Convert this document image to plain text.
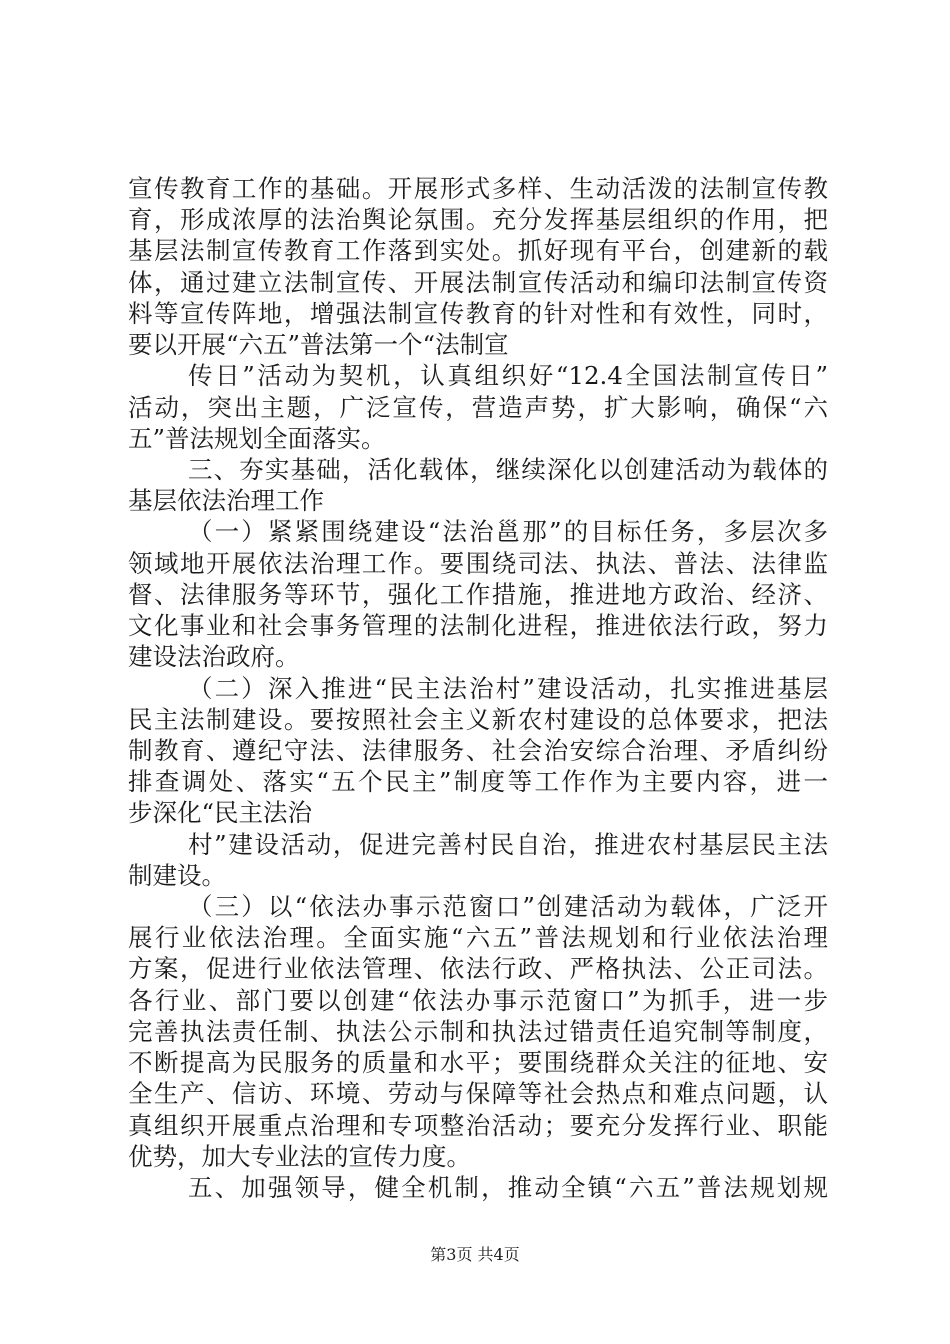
宣传教育工作的基础。开展形式多样、生动活泼的法制宣传教
育，形成浓厚的法治舆论氛围。充分发挥基层组织的作用，把
基层法制宣传教育工作落到实处。抓好现有平台，创建新的载
体，通过建立法制宣传、开展法制宣传活动和编印法制宣传资
料等宣传阵地，增强法制宣传教育的针对性和有效性，同时，
要以开展“六五”普法第一个“法制宣
传日”活动为契机，认真组织好“12.4全国法制宣传日”
活动，突出主题，广泛宣传，营造声势，扩大影响，确保“六
五”普法规划全面落实。
三、夯实基础，活化载体，继续深化以创建活动为载体的
基层依法治理工作
（一）紧紧围绕建设“法治邕那”的目标任务，多层次多
领域地开展依法治理工作。要围绕司法、执法、普法、法律监
督、法律服务等环节，强化工作措施，推进地方政治、经济、
文化事业和社会事务管理的法制化进程，推进依法行政，努力
建设法治政府。
（二）深入推进“民主法治村”建设活动，扎实推进基层
民主法制建设。要按照社会主义新农村建设的总体要求，把法
制教育、遵纪守法、法律服务、社会治安综合治理、矛盾纠纷
排查调处、落实“五个民主”制度等工作作为主要内容，进一
步深化“民主法治
村”建设活动，促进完善村民自治，推进农村基层民主法
制建设。
（三）以“依法办事示范窗口”创建活动为载体，广泛开
展行业依法治理。全面实施“六五”普法规划和行业依法治理
方案，促进行业依法管理、依法行政、严格执法、公正司法。
各行业、部门要以创建“依法办事示范窗口”为抓手，进一步
完善执法责任制、执法公示制和执法过错责任追究制等制度，
不断提高为民服务的质量和水平；要围绕群众关注的征地、安
全生产、信访、环境、劳动与保障等社会热点和难点问题，认
真组织开展重点治理和专项整治活动；要充分发挥行业、职能
优势，加大专业法的宣传力度。
五、加强领导，健全机制，推动全镇“六五”普法规划规
第3页 共4页
